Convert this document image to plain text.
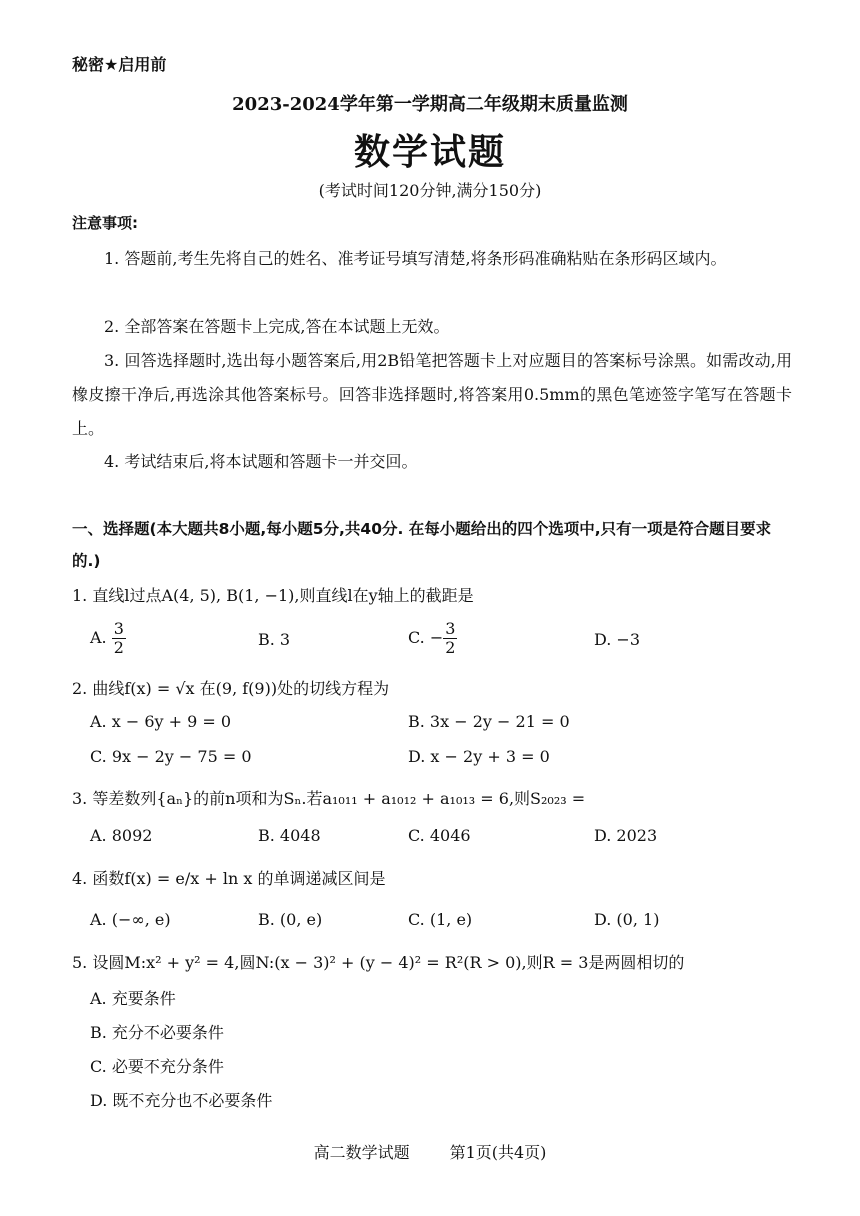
秘密★启用前
2023-2024学年第一学期高二年级期末质量监测
数学试题
(考试时间120分钟,满分150分)
注意事项:
1. 答题前,考生先将自己的姓名、准考证号填写清楚,将条形码准确粘贴在条形码区域内。
2. 全部答案在答题卡上完成,答在本试题上无效。
3. 回答选择题时,选出每小题答案后,用2B铅笔把答题卡上对应题目的答案标号涂黑。如需改动,用橡皮擦干净后,再选涂其他答案标号。回答非选择题时,将答案用0.5mm的黑色笔迹签字笔写在答题卡上。
4. 考试结束后,将本试题和答题卡一并交回。
一、选择题(本大题共8小题,每小题5分,共40分. 在每小题给出的四个选项中,只有一项是符合题目要求的.)
1. 直线l过点A(4, 5), B(1, −1),则直线l在y轴上的截距是
A. $\frac{3}{2}$	B. 3	C. − $\frac{3}{2}$	D. −3
2. 曲线f(x) = √x 在(9, f(9))处的切线方程为
A. x − 6y + 9 = 0	B. 3x − 2y − 21 = 0
C. 9x − 2y − 75 = 0	D. x − 2y + 3 = 0
3. 等差数列{aₙ}的前n项和为Sₙ.若a₁₀₁₁ + a₁₀₁₂ + a₁₀₁₃ = 6,则S₂₀₂₃ =
A. 8092	B. 4048	C. 4046	D. 2023
4. 函数f(x) = e/x + ln x 的单调递减区间是
A. (−∞, e)	B. (0, e)	C. (1, e)	D. (0, 1)
5. 设圆M:x² + y² = 4,圆N:(x − 3)² + (y − 4)² = R²(R > 0),则R = 3是两圆相切的
A. 充要条件
B. 充分不必要条件
C. 必要不充分条件
D. 既不充分也不必要条件
高二数学试题	第1页(共4页)
